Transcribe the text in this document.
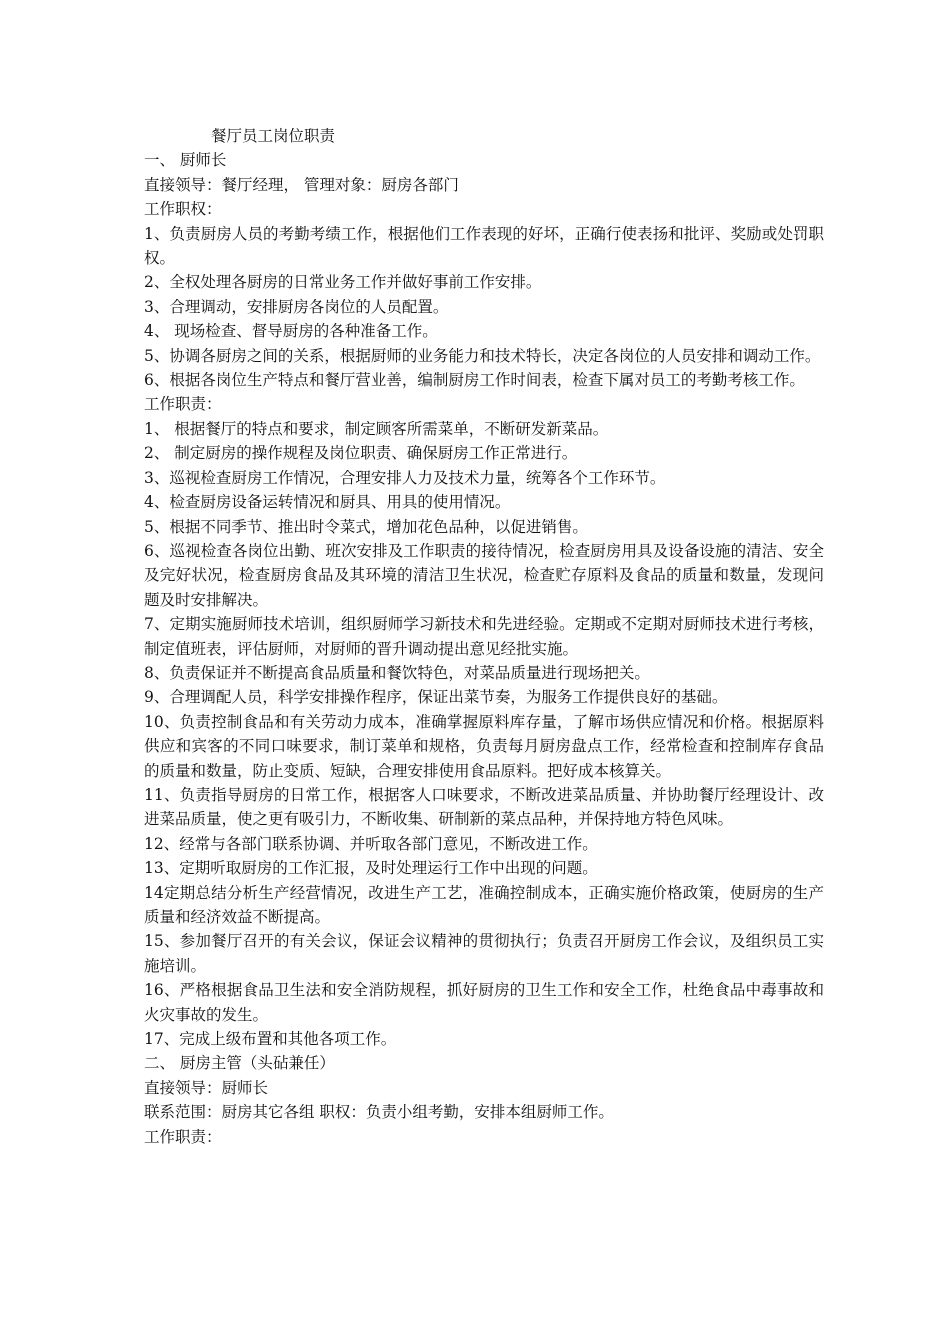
餐厅员工岗位职责

一、 厨师长

直接领导：餐厅经理， 管理对象：厨房各部门

工作职权：

1、负责厨房人员的考勤考绩工作，根据他们工作表现的好坏，正确行使表扬和批评、奖励或处罚职权。

2、全权处理各厨房的日常业务工作并做好事前工作安排。

3、合理调动，安排厨房各岗位的人员配置。

4、 现场检查、督导厨房的各种准备工作。

5、协调各厨房之间的关系，根据厨师的业务能力和技术特长，决定各岗位的人员安排和调动工作。

6、根据各岗位生产特点和餐厅营业善，编制厨房工作时间表，检查下属对员工的考勤考核工作。

工作职责：

1、 根据餐厅的特点和要求，制定顾客所需菜单，不断研发新菜品。

2、 制定厨房的操作规程及岗位职责、确保厨房工作正常进行。

3、巡视检查厨房工作情况，合理安排人力及技术力量，统筹各个工作环节。

4、检查厨房设备运转情况和厨具、用具的使用情况。

5、根据不同季节、推出时令菜式，增加花色品种，以促进销售。

6、巡视检查各岗位出勤、班次安排及工作职责的接待情况，检查厨房用具及设备设施的清洁、安全及完好状况，检查厨房食品及其环境的清洁卫生状况，检查贮存原料及食品的质量和数量，发现问题及时安排解决。

7、定期实施厨师技术培训，组织厨师学习新技术和先进经验。定期或不定期对厨师技术进行考核，制定值班表，评估厨师，对厨师的晋升调动提出意见经批实施。

8、负责保证并不断提高食品质量和餐饮特色，对菜品质量进行现场把关。

9、合理调配人员，科学安排操作程序，保证出菜节奏，为服务工作提供良好的基础。

10、负责控制食品和有关劳动力成本，准确掌握原料库存量，了解市场供应情况和价格。根据原料供应和宾客的不同口味要求，制订菜单和规格，负责每月厨房盘点工作，经常检查和控制库存食品的质量和数量，防止变质、短缺，合理安排使用食品原料。把好成本核算关。

11、负责指导厨房的日常工作，根据客人口味要求，不断改进菜品质量、并协助餐厅经理设计、改进菜品质量，使之更有吸引力，不断收集、研制新的菜点品种，并保持地方特色风味。

12、经常与各部门联系协调、并听取各部门意见，不断改进工作。

13、定期听取厨房的工作汇报，及时处理运行工作中出现的问题。

14定期总结分析生产经营情况，改进生产工艺，准确控制成本，正确实施价格政策，使厨房的生产质量和经济效益不断提高。

15、参加餐厅召开的有关会议，保证会议精神的贯彻执行；负责召开厨房工作会议，及组织员工实施培训。

16、严格根据食品卫生法和安全消防规程，抓好厨房的卫生工作和安全工作，杜绝食品中毒事故和火灾事故的发生。

17、完成上级布置和其他各项工作。

二、 厨房主管（头砧兼任）

直接领导：厨师长

联系范围：厨房其它各组 职权：负责小组考勤，安排本组厨师工作。

工作职责：
